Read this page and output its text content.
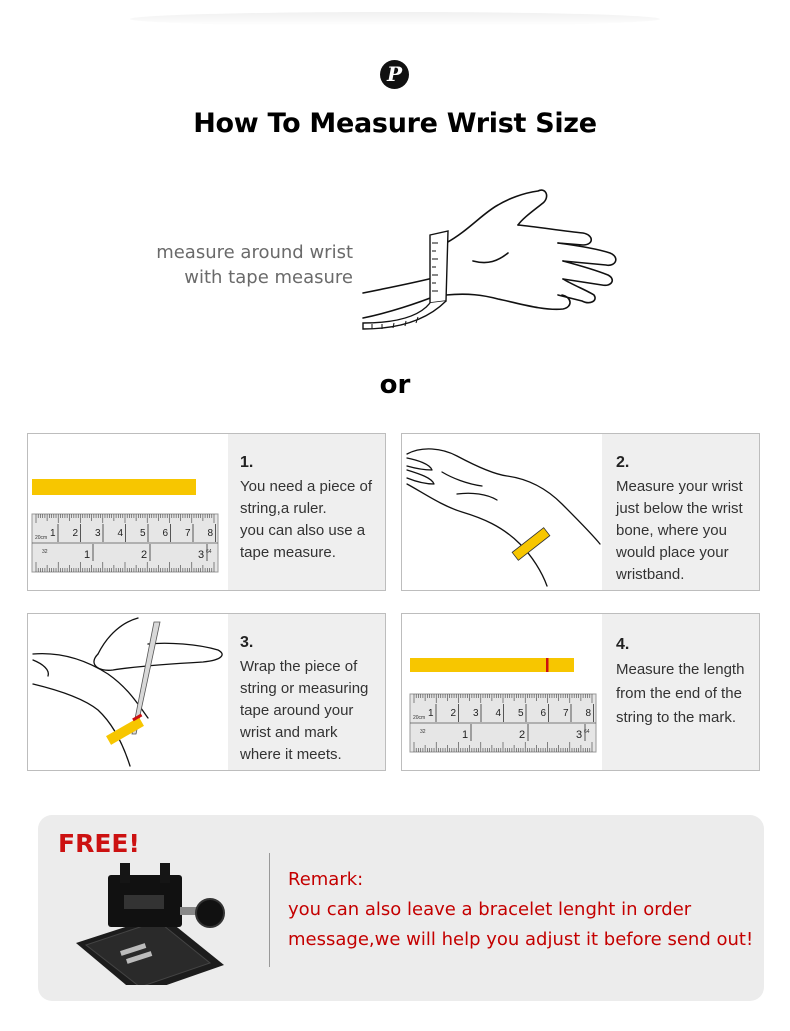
P
How To Measure Wrist Size
measure around wrist
with tape measure
or
20cm
32	64
1 2 3 4 5 6 7 8
1	2	3
1.
You need a piece of
string,a ruler.
you can also use a
tape measure.
2.
Measure your wrist
just below the wrist
bone, where you
would place your
wristband.
3.
Wrap the piece of
string or measuring
tape around your
wrist and mark
where it meets.
20cm
32	64
1 2 3 4 5 6 7 8
1	2	3
4.
Measure the length
from the end of the
string to the mark.
FREE!
Remark:
you can also leave a bracelet lenght in order
message,we will help you adjust it before send out!
